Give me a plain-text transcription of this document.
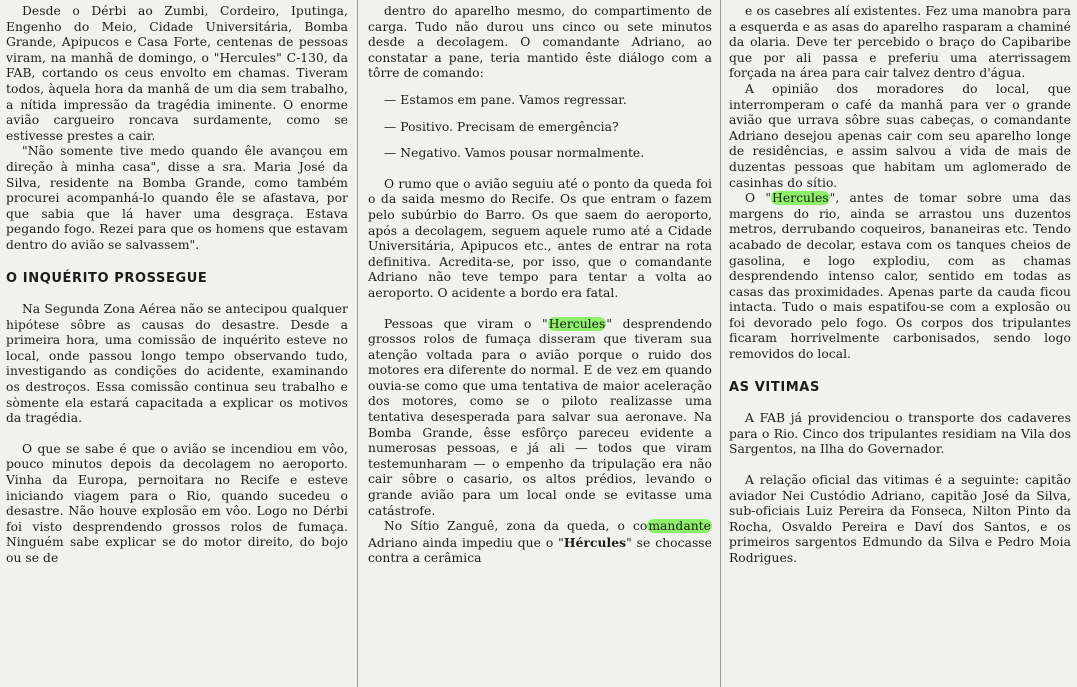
Desde o Dérbi ao Zumbi, Cordeiro, Iputinga, Engenho do Meio, Cidade Universitária, Bomba Grande, Apipucos e Casa Forte, centenas de pessoas viram, na manhã de domingo, o "Hercules" C-130, da FAB, cortando os ceus envolto em chamas. Tiveram todos, àquela hora da manhã de um dia sem trabalho, a nítida impressão da tragédia iminente. O enorme avião cargueiro roncava surdamente, como se estivesse prestes a cair.

"Não somente tive medo quando êle avançou em direção à minha casa", disse a sra. Maria José da Silva, residente na Bomba Grande, como também procurei acompanhá-lo quando êle se afastava, por que sabia que lá haver uma desgraça. Estava pegando fogo. Rezei para que os homens que estavam dentro do avião se salvassem".

O INQUÉRITO PROSSEGUE

Na Segunda Zona Aérea não se antecipou qualquer hipótese sôbre as causas do desastre. Desde a primeira hora, uma comissão de inquérito esteve no local, onde passou longo tempo observando tudo, investigando as condições do acidente, examinando os destroços. Essa comissão continua seu trabalho e sòmente ela estará capacitada a explicar os motivos da tragédia.

O que se sabe é que o avião se incendiou em vôo, pouco minutos depois da decolagem no aeroporto. Vinha da Europa, pernoitara no Recife e esteve iniciando viagem para o Rio, quando sucedeu o desastre. Não houve explosão em vôo. Logo no Dérbi foi visto desprendendo grossos rolos de fumaça. Ninguém sabe explicar se do motor direito, do bojo ou se de

dentro do aparelho mesmo, do compartimento de carga. Tudo não durou uns cinco ou sete minutos desde a decolagem. O comandante Adriano, ao constatar a pane, teria mantido êste diálogo com a tôrre de comando:

— Estamos em pane. Vamos regressar.
— Positivo. Precisam de emergência?
— Negativo. Vamos pousar normalmente.

O rumo que o avião seguiu até o ponto da queda foi o da saida mesmo do Recife. Os que entram o fazem pelo subúrbio do Barro. Os que saem do aeroporto, após a decolagem, seguem aquele rumo até a Cidade Universitária, Apipucos etc., antes de entrar na rota definitiva. Acredita-se, por isso, que o comandante Adriano não teve tempo para tentar a volta ao aeroporto. O acidente a bordo era fatal.

Pessoas que viram o "Hercules" desprendendo grossos rolos de fumaça disseram que tiveram sua atenção voltada para o avião porque o ruido dos motores era diferente do normal. E de vez em quando ouvia-se como que uma tentativa de maior aceleração dos motores, como se o piloto realizasse uma tentativa desesperada para salvar sua aeronave. Na Bomba Grande, êsse esfôrço pareceu evidente a numerosas pessoas, e já ali — todos que viram testemunharam — o empenho da tripulação era não cair sôbre o casario, os altos prédios, levando o grande avião para um local onde se evitasse uma catástrofe.

No Sítio Zanguê, zona da queda, o comandante Adriano ainda impediu que o "Hércules" se chocasse contra a cerâmica

e os casebres alí existentes. Fez uma manobra para a esquerda e as asas do aparelho rasparam a chaminé da olaria. Deve ter percebido o braço do Capibaribe que por ali passa e preferiu uma aterrissagem forçada na área para cair talvez dentro d'água.

A opinião dos moradores do local, que interromperam o café da manhã para ver o grande avião que urrava sôbre suas cabeças, o comandante Adriano desejou apenas cair com seu aparelho longe de residências, e assim salvou a vida de mais de duzentas pessoas que habitam um aglomerado de casinhas do sítio.

O "Hercules", antes de tomar sobre uma das margens do rio, ainda se arrastou uns duzentos metros, derrubando coqueiros, bananeiras etc. Tendo acabado de decolar, estava com os tanques cheios de gasolina, e logo explodiu, com as chamas desprendendo intenso calor, sentido em todas as casas das proximidades. Apenas parte da cauda ficou intacta. Tudo o mais espatifou-se com a explosão ou foi devorado pelo fogo. Os corpos dos tripulantes ficaram horrivelmente carbonisados, sendo logo removidos do local.

AS VITIMAS

A FAB já providenciou o transporte dos cadaveres para o Rio. Cinco dos tripulantes residiam na Vila dos Sargentos, na Ilha do Governador.

A relação oficial das vitimas é a seguinte: capitão aviador Nei Custódio Adriano, capitão José da Silva, sub-oficiais Luiz Pereira da Fonseca, Nilton Pinto da Rocha, Osvaldo Pereira e Daví dos Santos, e os primeiros sargentos Edmundo da Silva e Pedro Moia Rodrigues.
